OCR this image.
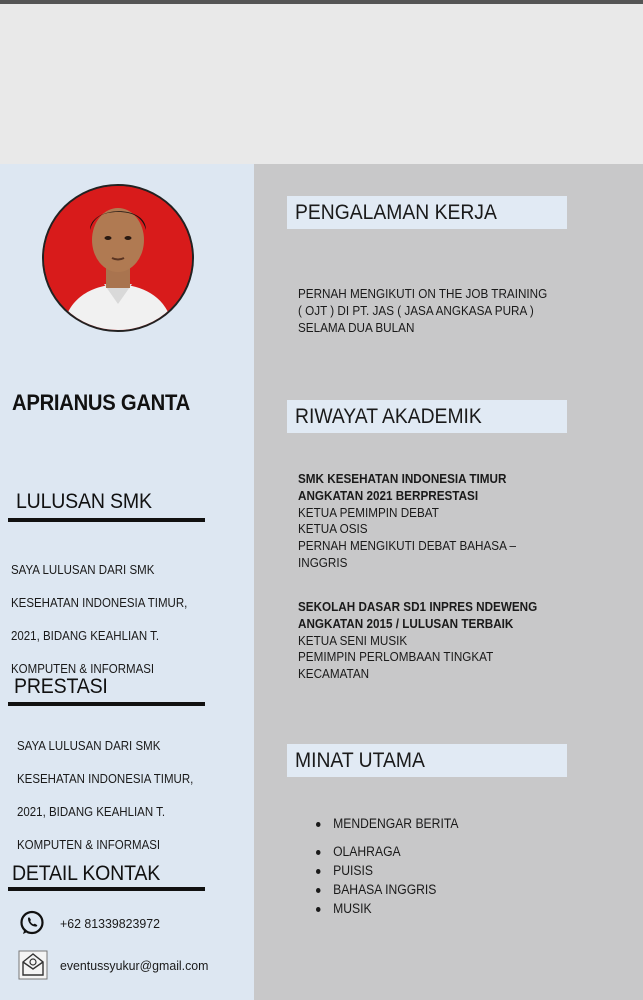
APRIANUS GANTA
LULUSAN SMK

SAYA LULUSAN DARI SMK

KESEHATAN INDONESIA TIMUR,

2021, BIDANG KEAHLIAN T.

KOMPUTEN & INFORMASI

PRESTASI

SAYA LULUSAN DARI SMK

KESEHATAN INDONESIA TIMUR,

2021, BIDANG KEAHLIAN T.

KOMPUTEN & INFORMASI

DETAIL KONTAK
+62 81339823972
eventussyukur@gmail.com
PENGALAMAN KERJA
PERNAH MENGIKUTI ON THE JOB TRAINING
( OJT ) DI PT. JAS ( JASA ANGKASA PURA )
SELAMA DUA BULAN
RIWAYAT AKADEMIK
SMK KESEHATAN INDONESIA TIMUR
ANGKATAN 2021 BERPRESTASI
KETUA PEMIMPIN DEBAT
KETUA OSIS
PERNAH MENGIKUTI DEBAT BAHASA –
INGGRIS
SEKOLAH DASAR SD1 INPRES NDEWENG
ANGKATAN 2015 / LULUSAN TERBAIK
KETUA SENI MUSIK
PEMIMPIN PERLOMBAAN TINGKAT
KECAMATAN
MINAT UTAMA
MENDENGAR BERITA
OLAHRAGA
PUISIS
BAHASA INGGRIS
MUSIK
